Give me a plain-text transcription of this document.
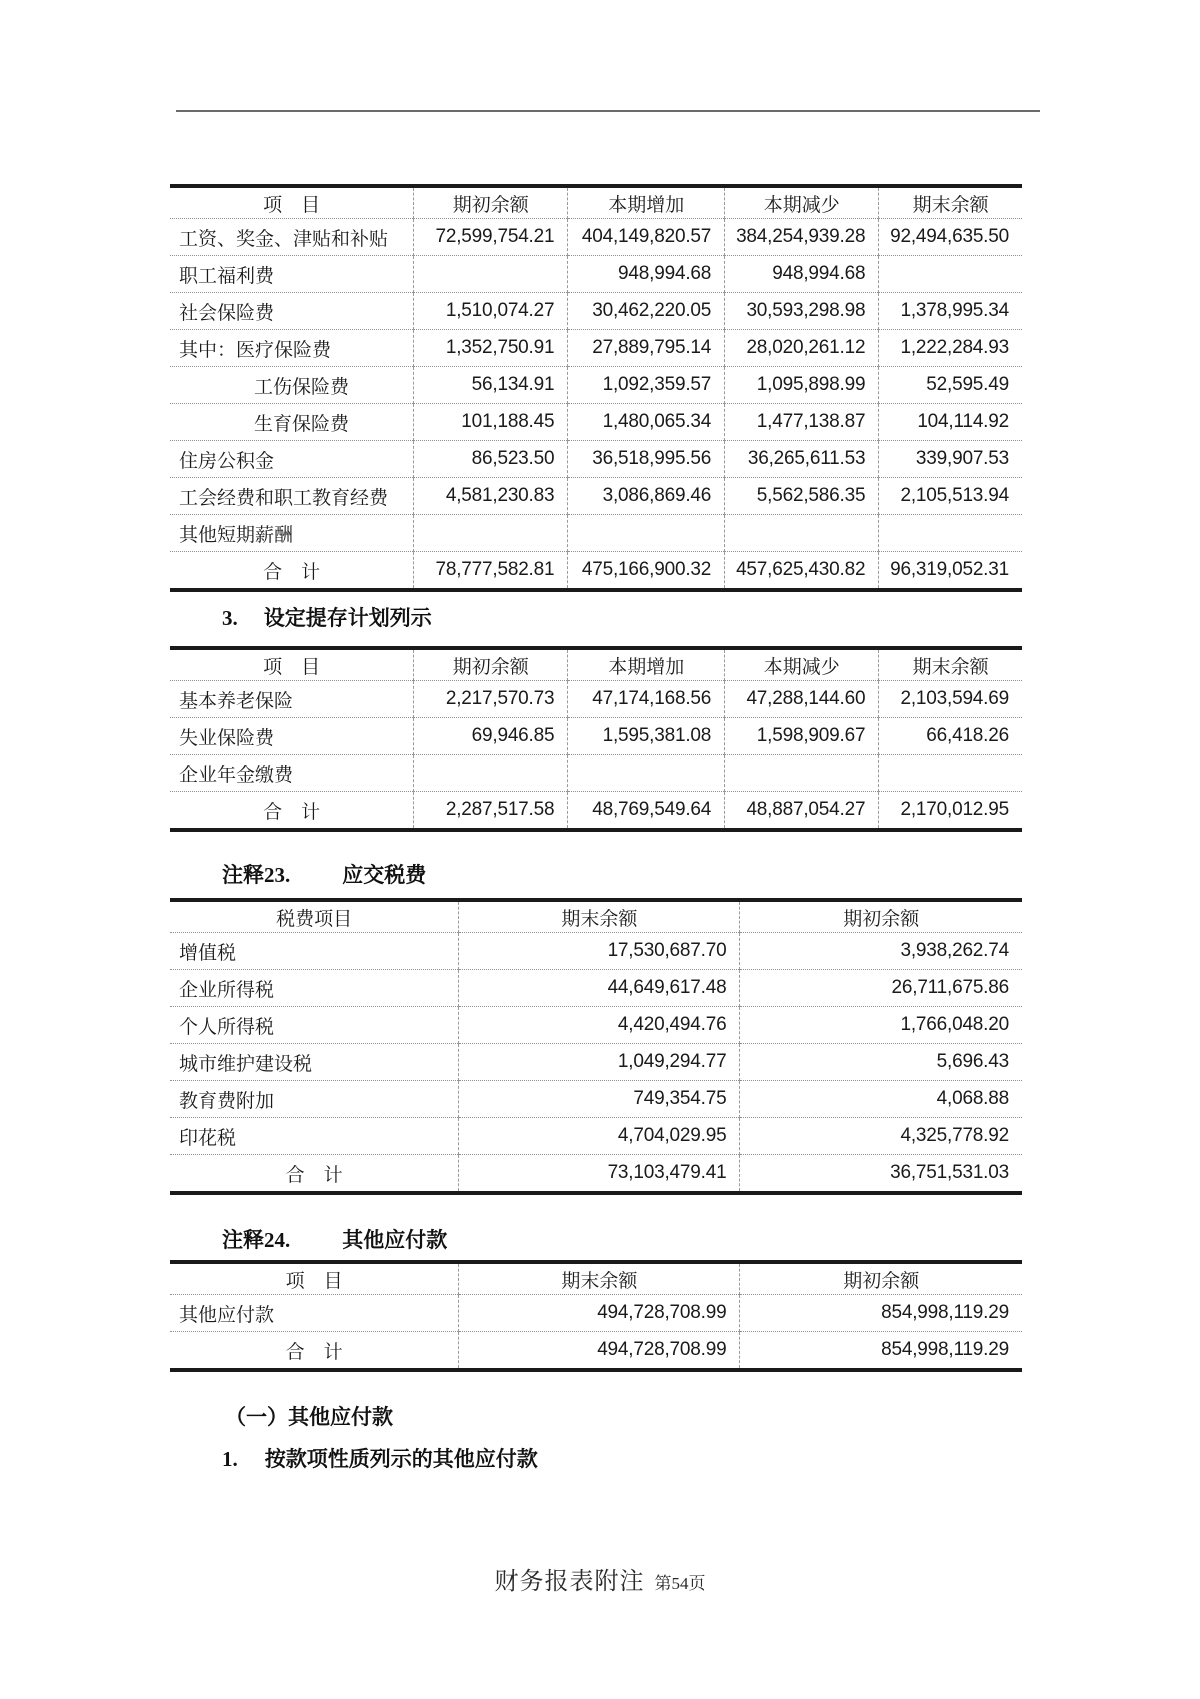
项　目	期初余额	本期增加	本期减少	期末余额
工资、奖金、津贴和补贴	72,599,754.21	404,149,820.57	384,254,939.28	92,494,635.50
职工福利费		948,994.68	948,994.68	
社会保险费	1,510,074.27	30,462,220.05	30,593,298.98	1,378,995.34
其中：医疗保险费	1,352,750.91	27,889,795.14	28,020,261.12	1,222,284.93
工伤保险费	56,134.91	1,092,359.57	1,095,898.99	52,595.49
生育保险费	101,188.45	1,480,065.34	1,477,138.87	104,114.92
住房公积金	86,523.50	36,518,995.56	36,265,611.53	339,907.53
工会经费和职工教育经费	4,581,230.83	3,086,869.46	5,562,586.35	2,105,513.94
其他短期薪酬				
合　计	78,777,582.81	475,166,900.32	457,625,430.82	96,319,052.31
3. 设定提存计划列示
项　目	期初余额	本期增加	本期减少	期末余额
基本养老保险	2,217,570.73	47,174,168.56	47,288,144.60	2,103,594.69
失业保险费	69,946.85	1,595,381.08	1,598,909.67	66,418.26
企业年金缴费				
合　计	2,287,517.58	48,769,549.64	48,887,054.27	2,170,012.95
注释23. 应交税费
税费项目	期末余额	期初余额
增值税	17,530,687.70	3,938,262.74
企业所得税	44,649,617.48	26,711,675.86
个人所得税	4,420,494.76	1,766,048.20
城市维护建设税	1,049,294.77	5,696.43
教育费附加	749,354.75	4,068.88
印花税	4,704,029.95	4,325,778.92
合　计	73,103,479.41	36,751,531.03
注释24. 其他应付款
项　目	期末余额	期初余额
其他应付款	494,728,708.99	854,998,119.29
合　计	494,728,708.99	854,998,119.29
（一）其他应付款
1. 按款项性质列示的其他应付款
财务报表附注 第54页
